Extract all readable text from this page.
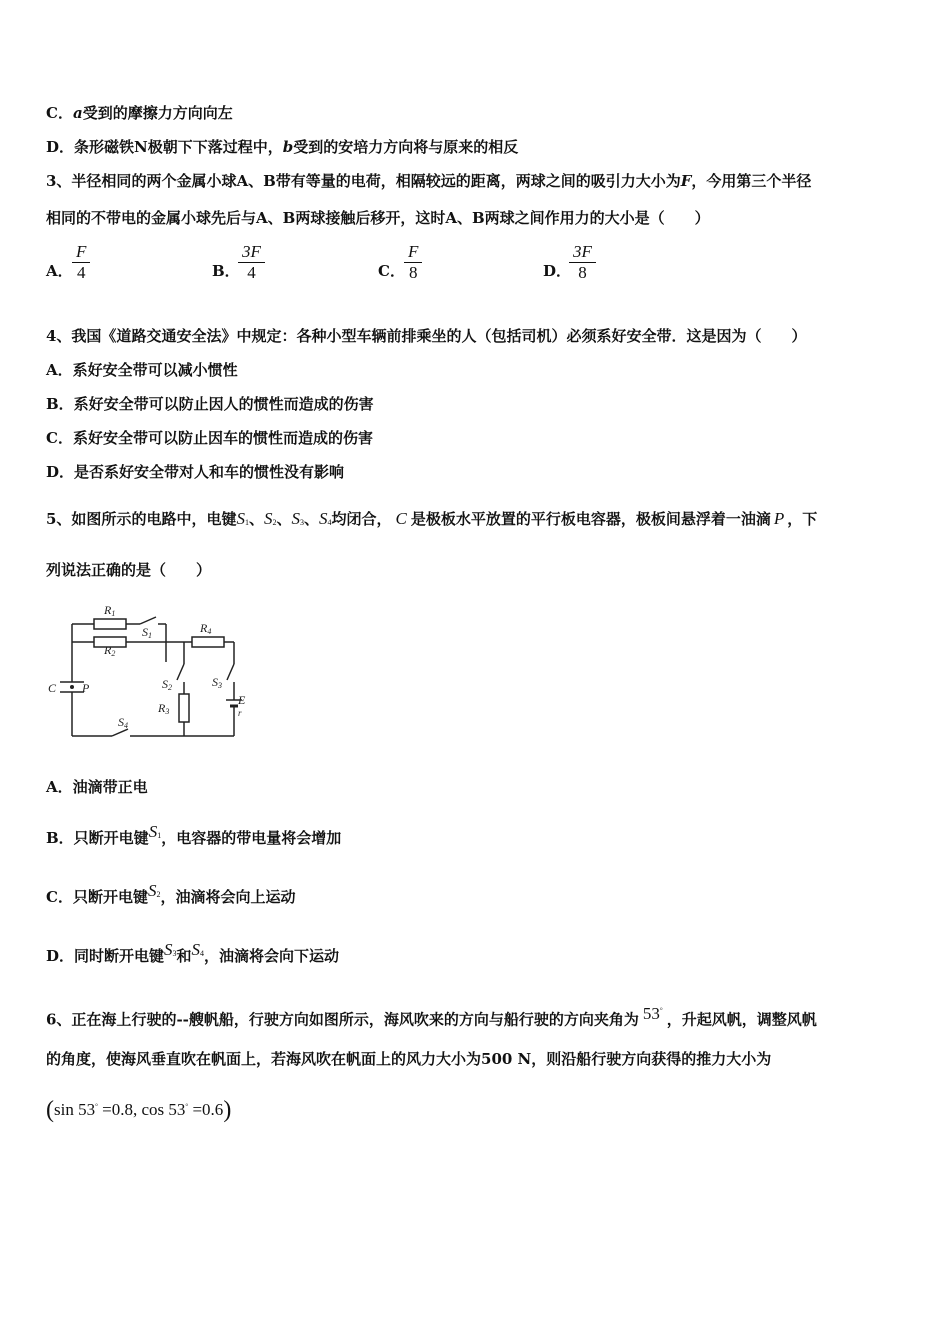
C．a受到的摩擦力方向向左
D．条形磁铁N极朝下下落过程中，b受到的安培力方向将与原来的相反
3、半径相同的两个金属小球A、B带有等量的电荷，相隔较远的距离，两球之间的吸引力大小为F，今用第三个半径
相同的不带电的金属小球先后与A、B两球接触后移开，这时A、B两球之间作用力的大小是（　　）
A． $\frac{F}{4}$	B．
$\frac{3F}{4}$	C． $\frac{F}{8}$	D．
$\frac{3F}{8}$
4、我国《道路交通安全法》中规定：各种小型车辆前排乘坐的人（包括司机）必须系好安全带．这是因为（　　）
A．系好安全带可以减小惯性
B．系好安全带可以防止因人的惯性而造成的伤害
C．系好安全带可以防止因车的惯性而造成的伤害
D．是否系好安全带对人和车的惯性没有影响
5、如图所示的电路中，电键S1、S2、S3、S4均闭合， C 是极板水平放置的平行板电容器，极板间悬浮着一油滴 P ，下
列说法正确的是（　　）
R1
R2
S1
R4
S2	S3
R3
C P
E
r
S4
A．油滴带正电
B．只断开电键S1，电容器的带电量将会增加
C．只断开电键S2，油滴将会向上运动
D．同时断开电键S3和S4，油滴将会向下运动
6、正在海上行驶的--艘帆船，行驶方向如图所示，海风吹来的方向与船行驶的方向夹角为 53°，升起风帆，调整风帆
的角度，使海风垂直吹在帆面上，若海风吹在帆面上的风力大小为500 N，则沿船行驶方向获得的推力大小为
(sin 53° =0.8, cos 53° =0.6)
